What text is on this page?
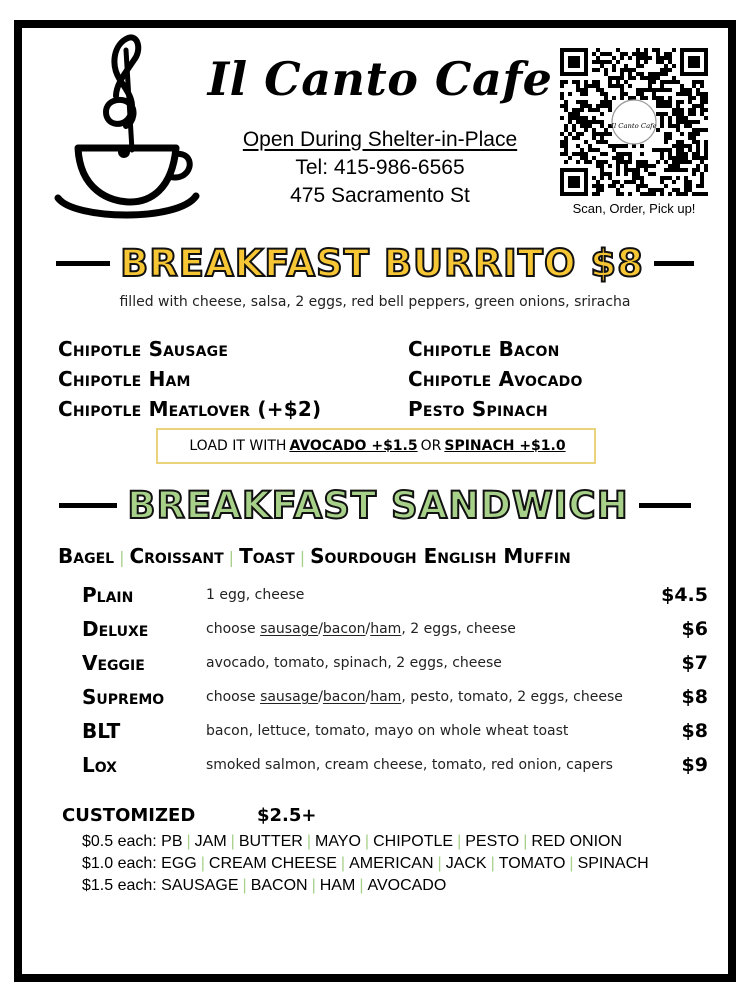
Il Canto Cafe
Open During Shelter-in-Place
Tel: 415-986-6565
475 Sacramento St
Il Canto Cafe
Scan, Order, Pick up!
BREAKFAST BURRITO $8
filled with cheese, salsa, 2 eggs, red bell peppers, green onions, sriracha
Chipotle Sausage	Chipotle Bacon
Chipotle Ham	Chipotle Avocado
Chipotle Meatlover (+$2)	Pesto Spinach
LOAD IT WITH AVOCADO +$1.5 OR SPINACH +$1.0
BREAKFAST SANDWICH
Bagel | Croissant | Toast | Sourdough English Muffin
Plain	1 egg, cheese	$4.5
Deluxe	choose sausage/bacon/ham, 2 eggs, cheese	$6
Veggie	avocado, tomato, spinach, 2 eggs, cheese	$7
Supremo	choose sausage/bacon/ham, pesto, tomato, 2 eggs, cheese	$8
BLT	bacon, lettuce, tomato, mayo on whole wheat toast	$8
Lox	smoked salmon, cream cheese, tomato, red onion, capers	$9
CUSTOMIZED	$2.5+
$0.5 each: PB | JAM | BUTTER | MAYO | CHIPOTLE | PESTO | RED ONION
$1.0 each: EGG | CREAM CHEESE | AMERICAN | JACK | TOMATO | SPINACH
$1.5 each: SAUSAGE | BACON | HAM | AVOCADO
